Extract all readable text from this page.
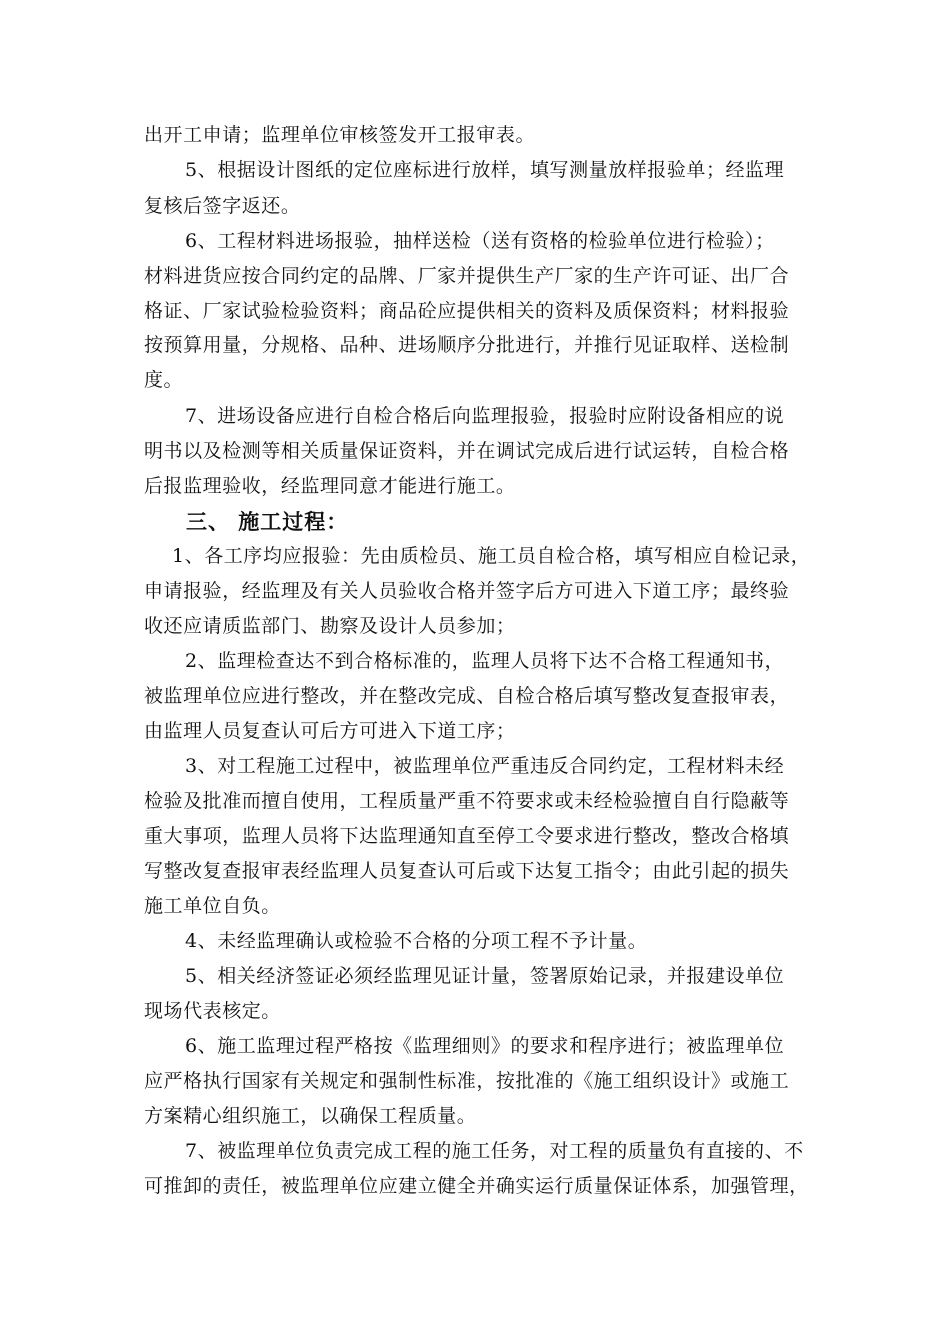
出开工申请；监理单位审核签发开工报审表。
5、根据设计图纸的定位座标进行放样，填写测量放样报验单；经监理
复核后签字返还。
6、工程材料进场报验，抽样送检（送有资格的检验单位进行检验）；
材料进货应按合同约定的品牌、厂家并提供生产厂家的生产许可证、出厂合
格证、厂家试验检验资料；商品砼应提供相关的资料及质保资料；材料报验
按预算用量，分规格、品种、进场顺序分批进行，并推行见证取样、送检制
度。
7、进场设备应进行自检合格后向监理报验，报验时应附设备相应的说
明书以及检测等相关质量保证资料，并在调试完成后进行试运转，自检合格
后报监理验收，经监理同意才能进行施工。
三、 施工过程：
1、各工序均应报验：先由质检员、施工员自检合格，填写相应自检记录，
申请报验，经监理及有关人员验收合格并签字后方可进入下道工序；最终验
收还应请质监部门、勘察及设计人员参加；
2、监理检查达不到合格标准的，监理人员将下达不合格工程通知书，
被监理单位应进行整改，并在整改完成、自检合格后填写整改复查报审表，
由监理人员复查认可后方可进入下道工序；
3、对工程施工过程中，被监理单位严重违反合同约定，工程材料未经
检验及批准而擅自使用，工程质量严重不符要求或未经检验擅自自行隐蔽等
重大事项，监理人员将下达监理通知直至停工令要求进行整改，整改合格填
写整改复查报审表经监理人员复查认可后或下达复工指令；由此引起的损失
施工单位自负。
4、未经监理确认或检验不合格的分项工程不予计量。
5、相关经济签证必须经监理见证计量，签署原始记录，并报建设单位
现场代表核定。
6、施工监理过程严格按《监理细则》的要求和程序进行；被监理单位
应严格执行国家有关规定和强制性标准，按批准的《施工组织设计》或施工
方案精心组织施工，以确保工程质量。
7、被监理单位负责完成工程的施工任务，对工程的质量负有直接的、不
可推卸的责任，被监理单位应建立健全并确实运行质量保证体系，加强管理，
